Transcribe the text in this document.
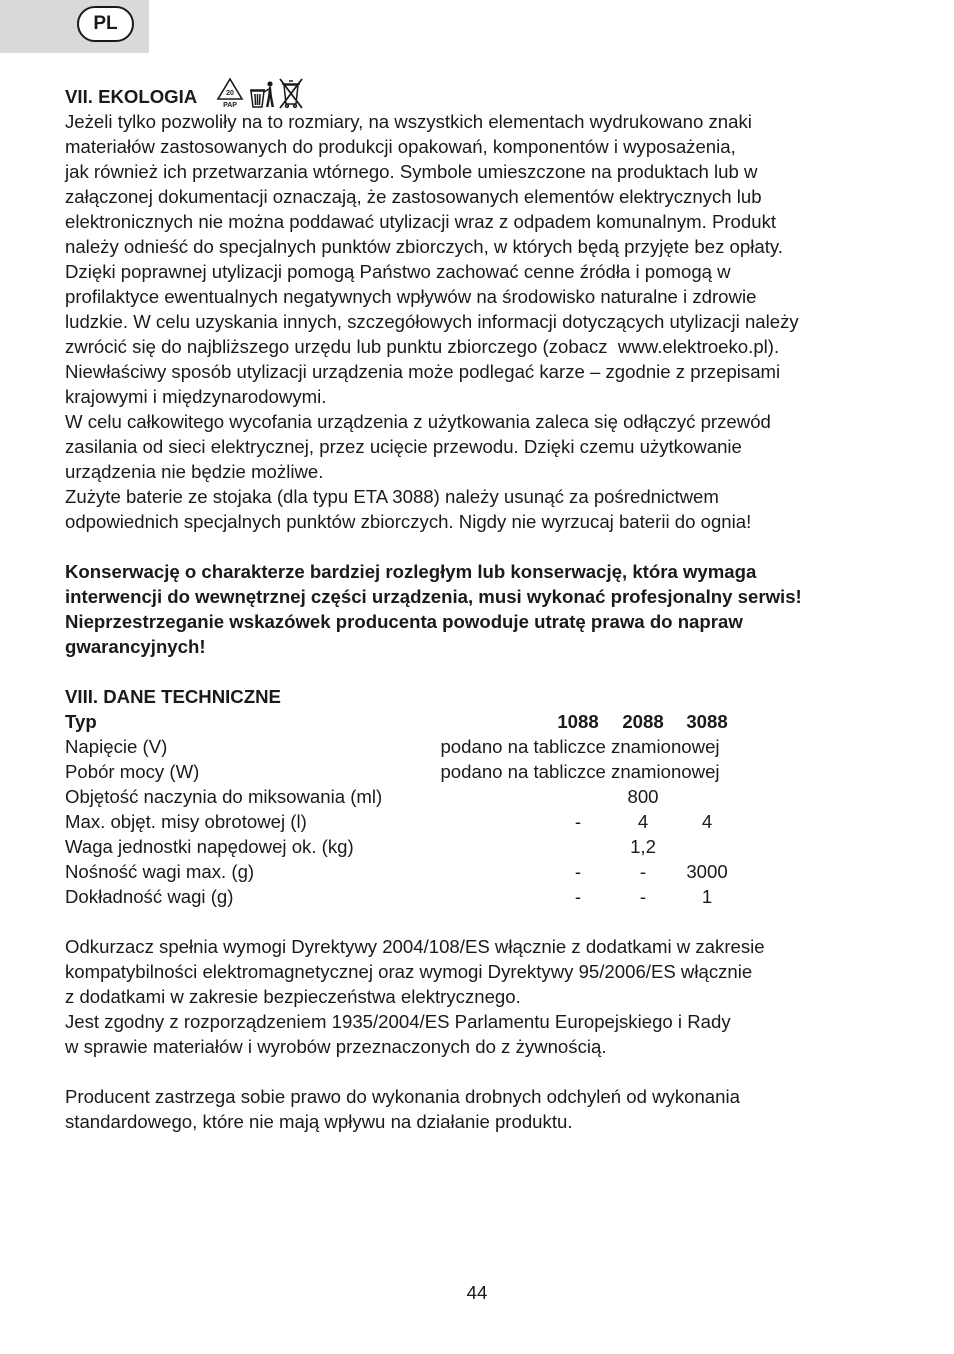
PL
VII. EKOLOGIA	20
PAP
Jeżeli tylko pozwoliły na to rozmiary, na wszystkich elementach wydrukowano znaki
materiałów zastosowanych do produkcji opakowań, komponentów i wyposażenia,
jak również ich przetwarzania wtórnego. Symbole umieszczone na produktach lub w
załączonej dokumentacji oznaczają, że zastosowanych elementów elektrycznych lub
elektronicznych nie można poddawać utylizacji wraz z odpadem komunalnym. Produkt
należy odnieść do specjalnych punktów zbiorczych, w których będą przyjęte bez opłaty.
Dzięki poprawnej utylizacji pomogą Państwo zachować cenne źródła i pomogą w
profilaktyce ewentualnych negatywnych wpływów na środowisko naturalne i zdrowie
ludzkie. W celu uzyskania innych, szczegółowych informacji dotyczących utylizacji należy
zwrócić się do najbliższego urzędu lub punktu zbiorczego (zobacz  www.elektroeko.pl).
Niewłaściwy sposób utylizacji urządzenia może podlegać karze – zgodnie z przepisami
krajowymi i międzynarodowymi.
W celu całkowitego wycofania urządzenia z użytkowania zaleca się odłączyć przewód
zasilania od sieci elektrycznej, przez ucięcie przewodu. Dzięki czemu użytkowanie
urządzenia nie będzie możliwe.
Zużyte baterie ze stojaka (dla typu ETA 3088) należy usunąć za pośrednictwem
odpowiednich specjalnych punktów zbiorczych. Nigdy nie wyrzucaj baterii do ognia!
Konserwację o charakterze bardziej rozległym lub konserwację, która wymaga
interwencji do wewnętrznej części urządzenia, musi wykonać profesjonalny serwis!
Nieprzestrzeganie wskazówek producenta powoduje utratę prawa do napraw
gwarancyjnych!
VIII. DANE TECHNICZNE
Typ	1088	2088	3088
Napięcie (V)	podano na tabliczce znamionowej
Pobór mocy (W)	podano na tabliczce znamionowej
Objętość naczynia do miksowania (ml)	800
Max. objęt. misy obrotowej (l)	-	4	4
Waga jednostki napędowej ok. (kg)	1,2
Nośność wagi max. (g)	-	-	3000
Dokładność wagi (g)	-	-	1
Odkurzacz spełnia wymogi Dyrektywy 2004/108/ES włącznie z dodatkami w zakresie
kompatybilności elektromagnetycznej oraz wymogi Dyrektywy 95/2006/ES włącznie
z dodatkami w zakresie bezpieczeństwa elektrycznego.
Jest zgodny z rozporządzeniem 1935/2004/ES Parlamentu Europejskiego i Rady
w sprawie materiałów i wyrobów przeznaczonych do z żywnością.
Producent zastrzega sobie prawo do wykonania drobnych odchyleń od wykonania
standardowego, które nie mają wpływu na działanie produktu.
44
